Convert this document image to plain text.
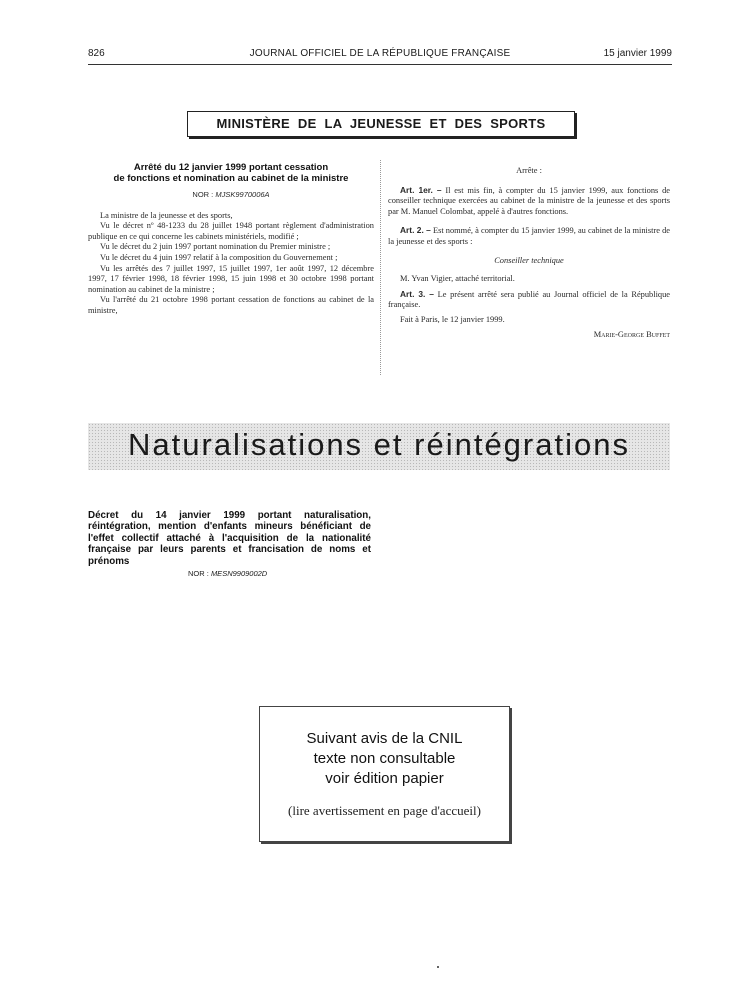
826	JOURNAL OFFICIEL DE LA RÉPUBLIQUE FRANÇAISE	15 janvier 1999
MINISTÈRE DE LA JEUNESSE ET DES SPORTS
Arrêté du 12 janvier 1999 portant cessation
de fonctions et nomination au cabinet de la ministre
NOR : MJSK9970006A

La ministre de la jeunesse et des sports,

Vu le décret nº 48-1233 du 28 juillet 1948 portant règlement d'administration publique en ce qui concerne les cabinets ministériels, modifié ;

Vu le décret du 2 juin 1997 portant nomination du Premier ministre ;

Vu le décret du 4 juin 1997 relatif à la composition du Gouvernement ;

Vu les arrêtés des 7 juillet 1997, 15 juillet 1997, 1er août 1997, 12 décembre 1997, 17 février 1998, 18 février 1998, 15 juin 1998 et 30 octobre 1998 portant nomination au cabinet de la ministre ;

Vu l'arrêté du 21 octobre 1998 portant cessation de fonctions au cabinet de la ministre,

Arrête :

Art. 1er. – Il est mis fin, à compter du 15 janvier 1999, aux fonctions de conseiller technique exercées au cabinet de la ministre de la jeunesse et des sports par M. Manuel Colombat, appelé à d'autres fonctions.

Art. 2. – Est nommé, à compter du 15 janvier 1999, au cabinet de la ministre de la jeunesse et des sports :

Conseiller technique

M. Yvan Vigier, attaché territorial.

Art. 3. – Le présent arrêté sera publié au Journal officiel de la République française.

Fait à Paris, le 12 janvier 1999.

Marie-George Buffet
Naturalisations et réintégrations
Décret du 14 janvier 1999 portant naturalisation, réintégration, mention d'enfants mineurs bénéficiant de l'effet collectif attaché à l'acquisition de la nationalité française par leurs parents et francisation de noms et prénoms
NOR : MESN9909002D
Suivant avis de la CNIL
texte non consultable
voir édition papier
(lire avertissement en page d'accueil)
